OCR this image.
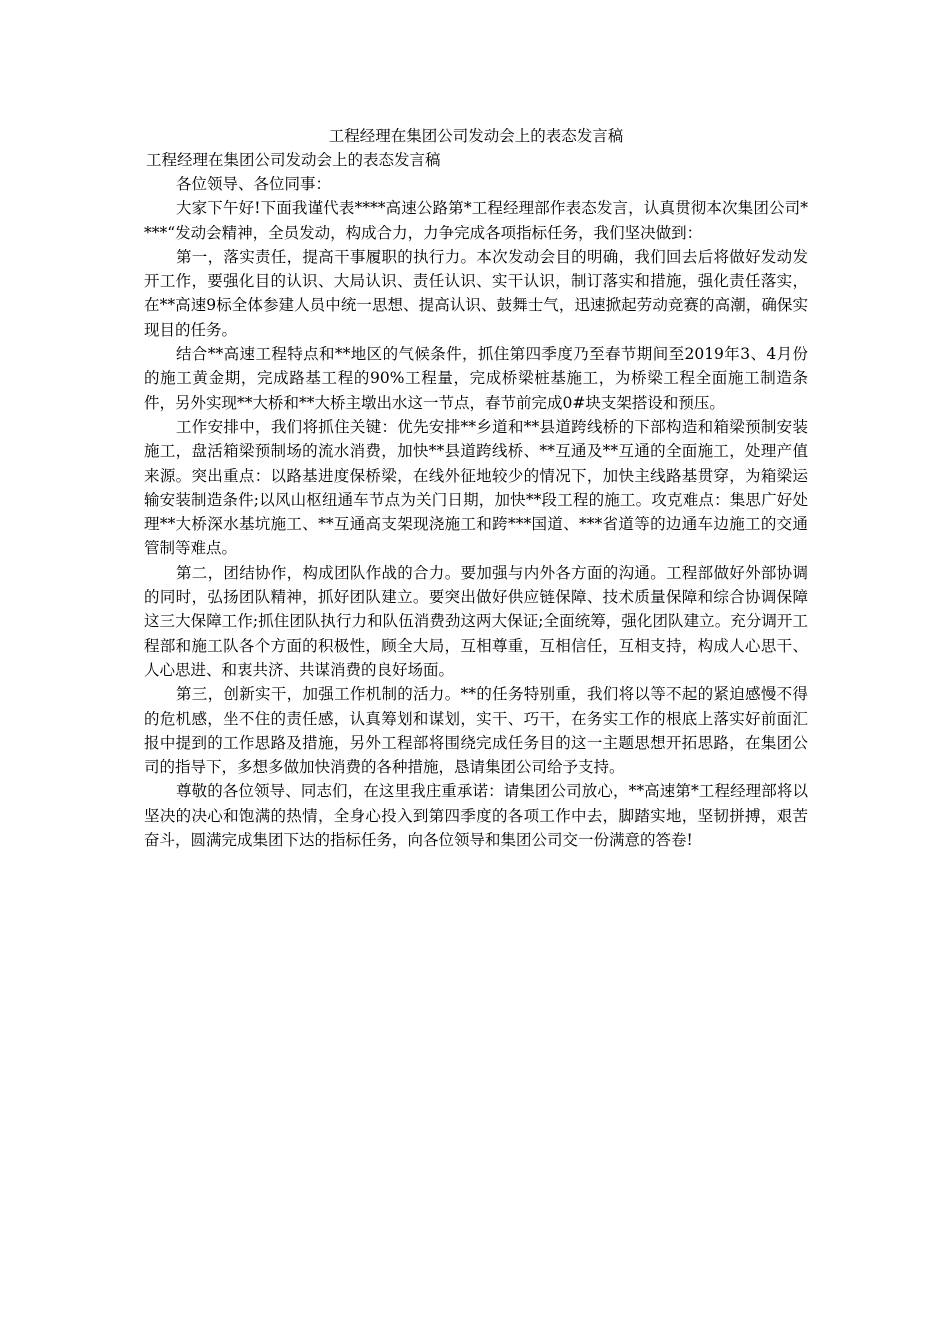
工程经理在集团公司发动会上的表态发言稿

工程经理在集团公司发动会上的表态发言稿

各位领导、各位同事：

大家下午好!下面我谨代表****高速公路第*工程经理部作表态发言，认真贯彻本次集团公司****“发动会精神，全员发动，构成合力，力争完成各项指标任务，我们坚决做到：

第一，落实责任，提高干事履职的执行力。本次发动会目的明确，我们回去后将做好发动发开工作，要强化目的认识、大局认识、责任认识、实干认识，制订落实和措施，强化责任落实，在**高速9标全体参建人员中统一思想、提高认识、鼓舞士气，迅速掀起劳动竞赛的高潮，确保实现目的任务。

结合**高速工程特点和**地区的气候条件，抓住第四季度乃至春节期间至2019年3、4月份的施工黄金期，完成路基工程的90%工程量，完成桥梁桩基施工，为桥梁工程全面施工制造条件，另外实现**大桥和**大桥主墩出水这一节点，春节前完成0#块支架搭设和预压。

工作安排中，我们将抓住关键：优先安排**乡道和**县道跨线桥的下部构造和箱梁预制安装施工，盘活箱梁预制场的流水消费，加快**县道跨线桥、**互通及**互通的全面施工，处理产值来源。突出重点：以路基进度保桥梁，在线外征地较少的情况下，加快主线路基贯穿，为箱梁运输安装制造条件;以风山枢纽通车节点为关门日期，加快**段工程的施工。攻克难点：集思广好处理**大桥深水基坑施工、**互通高支架现浇施工和跨***国道、***省道等的边通车边施工的交通管制等难点。

第二，团结协作，构成团队作战的合力。要加强与内外各方面的沟通。工程部做好外部协调的同时，弘扬团队精神，抓好团队建立。要突出做好供应链保障、技术质量保障和综合协调保障这三大保障工作;抓住团队执行力和队伍消费劲这两大保证;全面统筹，强化团队建立。充分调开工程部和施工队各个方面的积极性，顾全大局，互相尊重，互相信任，互相支持，构成人心思干、人心思进、和衷共济、共谋消费的良好场面。

第三，创新实干，加强工作机制的活力。**的任务特别重，我们将以等不起的紧迫感慢不得的危机感，坐不住的责任感，认真筹划和谋划，实干、巧干，在务实工作的根底上落实好前面汇报中提到的工作思路及措施，另外工程部将围绕完成任务目的这一主题思想开拓思路，在集团公司的指导下，多想多做加快消费的各种措施，恳请集团公司给予支持。

尊敬的各位领导、同志们，在这里我庄重承诺：请集团公司放心，**高速第*工程经理部将以坚决的决心和饱满的热情，全身心投入到第四季度的各项工作中去，脚踏实地，坚韧拼搏，艰苦奋斗，圆满完成集团下达的指标任务，向各位领导和集团公司交一份满意的答卷!
